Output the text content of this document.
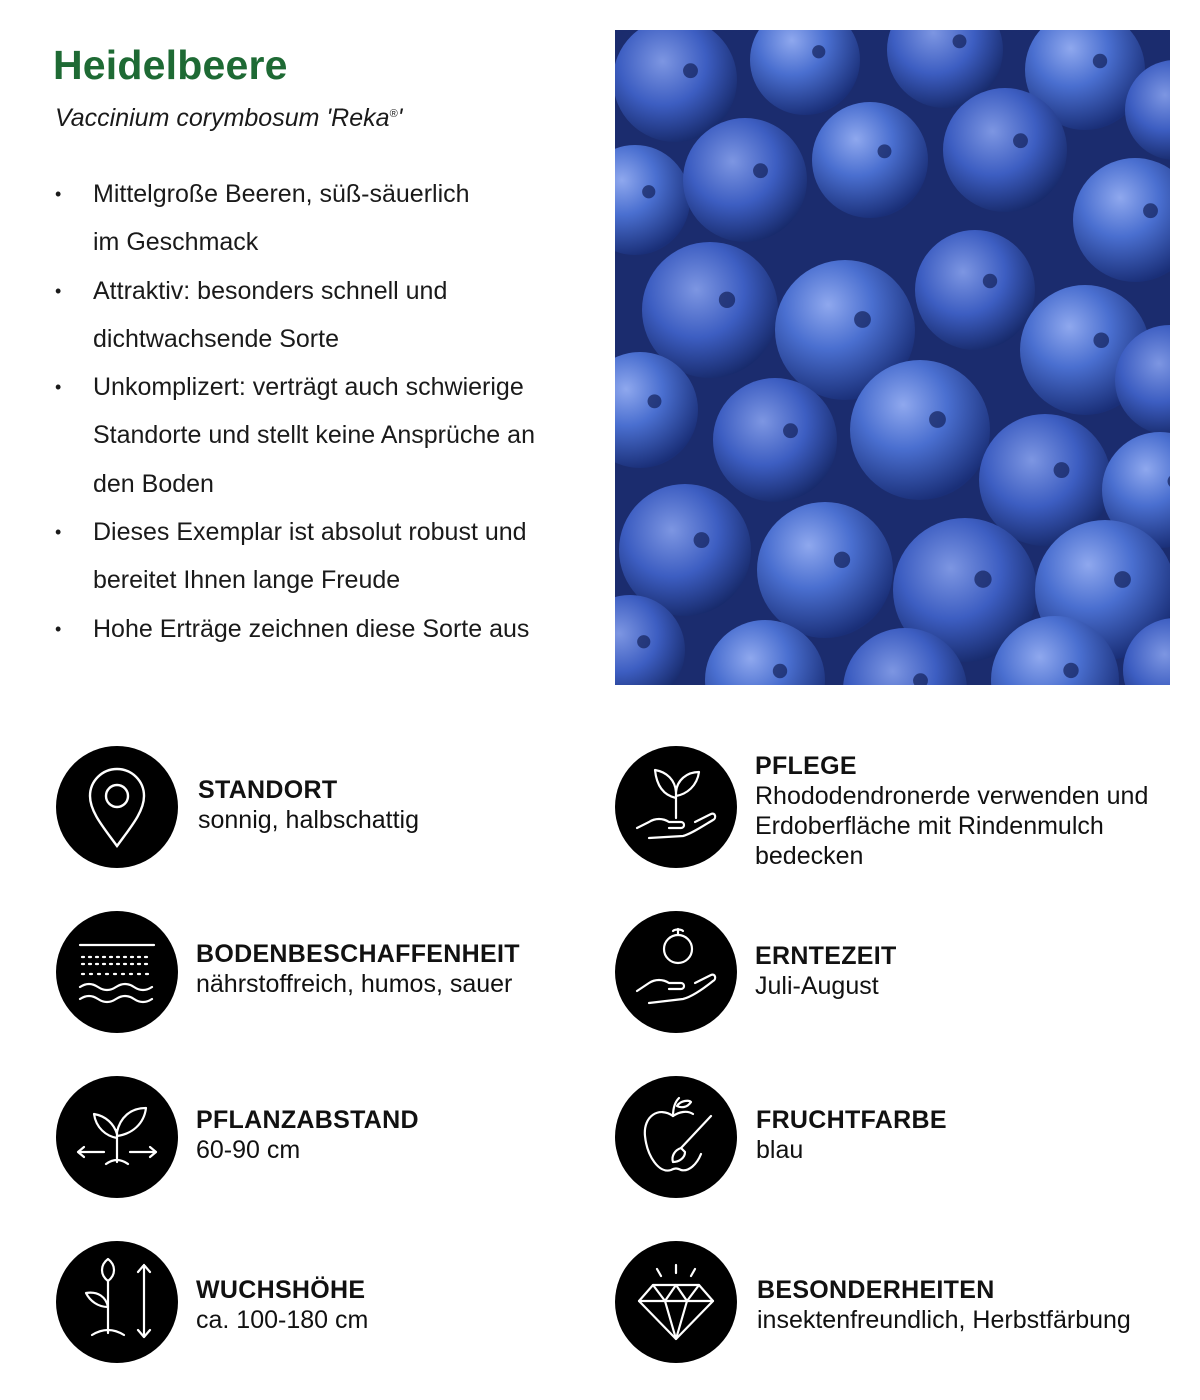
Heidelbeere

Vaccinium corymbosum 'Reka®'

• Mittelgroße Beeren, süß-säuerlich
im Geschmack
• Attraktiv: besonders schnell und
dichtwachsende Sorte
• Unkomplizert: verträgt auch schwierige
Standorte und stellt keine Ansprüche an
den Boden
• Dieses Exemplar ist absolut robust und
bereitet Ihnen lange Freude
• Hohe Erträge zeichnen diese Sorte aus
STANDORT
sonnig, halbschattig
PFLEGE
Rhododendronerde verwenden und
Erdoberfläche mit Rindenmulch
bedecken
BODENBESCHAFFENHEIT
nährstoffreich, humos, sauer
ERNTEZEIT
Juli-August
PFLANZABSTAND
60-90 cm
FRUCHTFARBE
blau
WUCHSHÖHE
ca. 100-180 cm
BESONDERHEITEN
insektenfreundlich, Herbstfärbung
